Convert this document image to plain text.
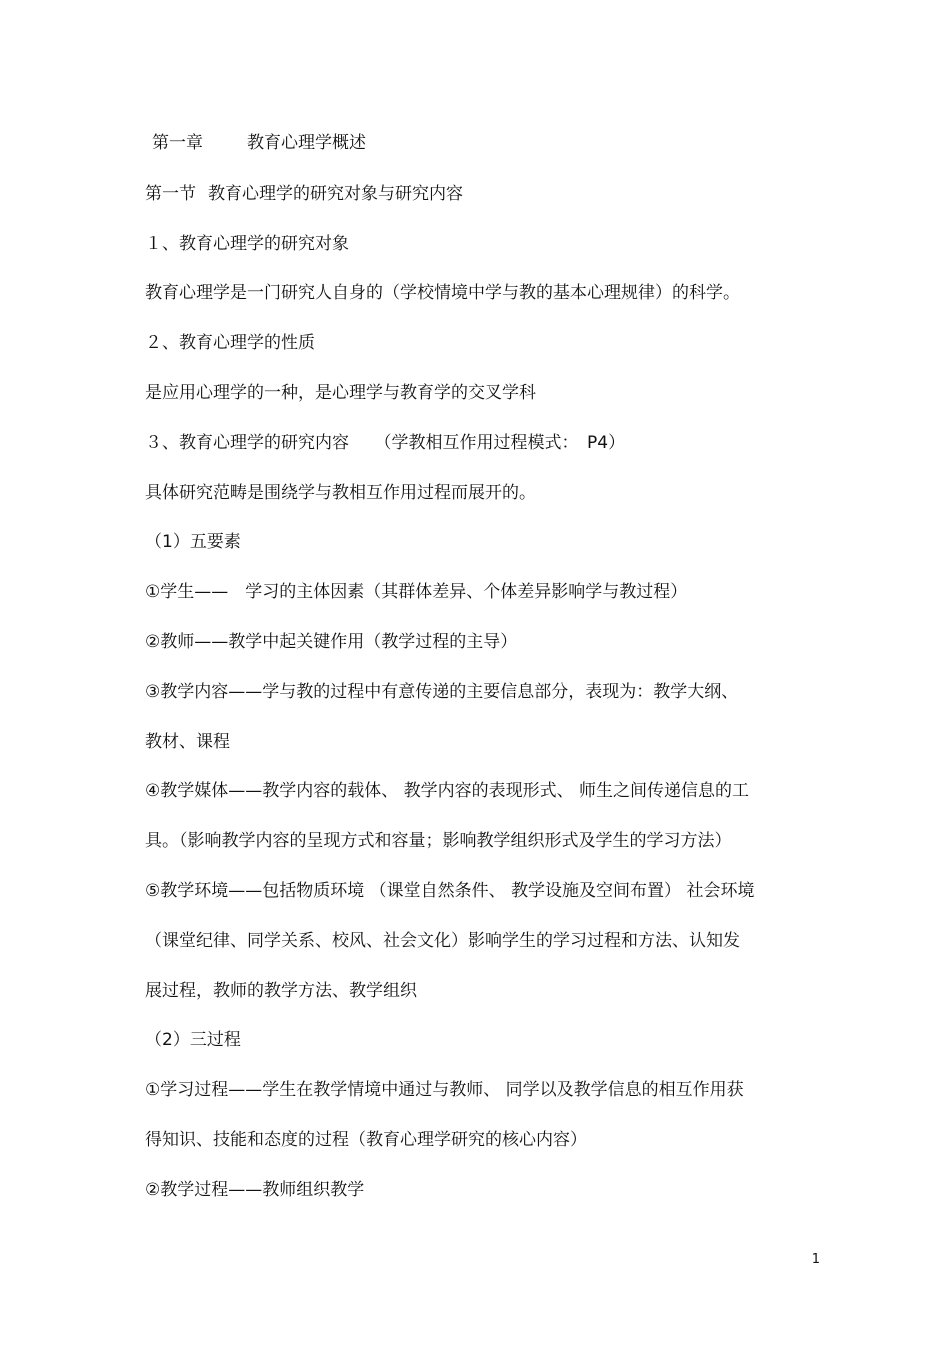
第一章	教育心理学概述
第一节 教育心理学的研究对象与研究内容
１、教育心理学的研究对象
教育心理学是一门研究人自身的（学校情境中学与教的基本心理规律）的科学。
２、教育心理学的性质
是应用心理学的一种，是心理学与教育学的交叉学科
３、教育心理学的研究内容　　（学教相互作用过程模式：　P4）
具体研究范畴是围绕学与教相互作用过程而展开的。
（1）五要素
①学生——　学习的主体因素（其群体差异、个体差异影响学与教过程）
②教师——教学中起关键作用（教学过程的主导）
③教学内容——学与教的过程中有意传递的主要信息部分，表现为：教学大纲、
教材、课程
④教学媒体——教学内容的载体、 教学内容的表现形式、 师生之间传递信息的工
具。（影响教学内容的呈现方式和容量；影响教学组织形式及学生的学习方法）
⑤教学环境——包括物质环境 （课堂自然条件、 教学设施及空间布置） 社会环境
（课堂纪律、同学关系、校风、社会文化）影响学生的学习过程和方法、认知发
展过程，教师的教学方法、教学组织
（2）三过程
①学习过程——学生在教学情境中通过与教师、 同学以及教学信息的相互作用获
得知识、技能和态度的过程（教育心理学研究的核心内容）
②教学过程——教师组织教学
1
